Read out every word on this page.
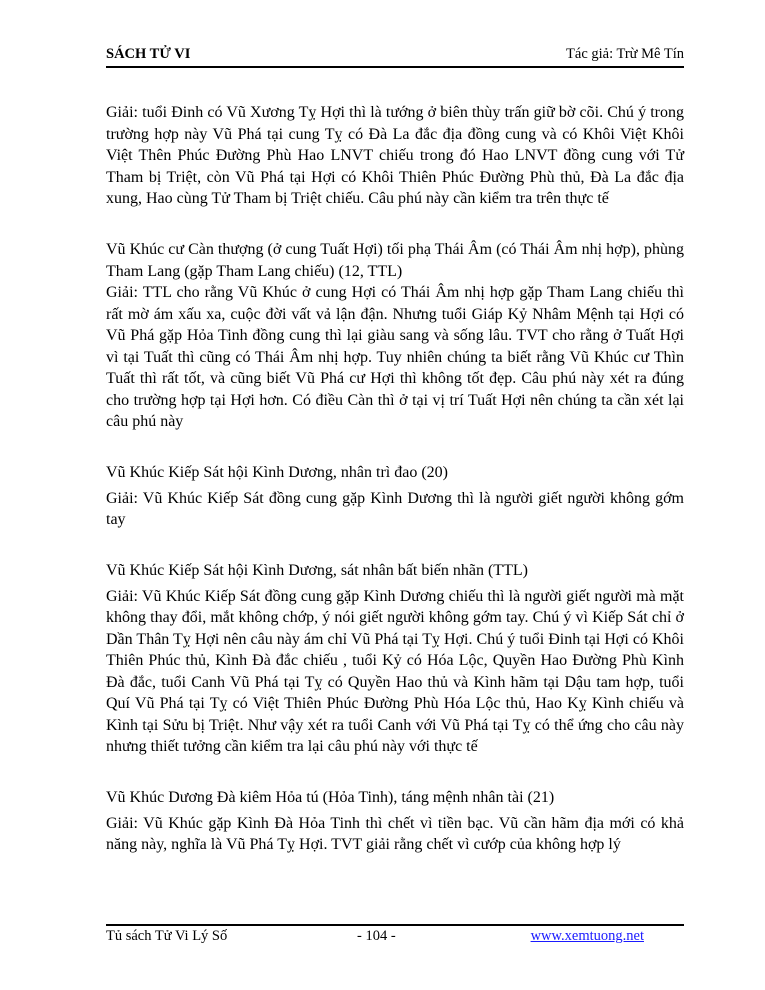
SÁCH TỬ VI	Tác giả: Trừ Mê Tín

Giải: tuổi Đinh có Vũ Xương Tỵ Hợi thì là tướng ở biên thùy trấn giữ bờ cõi. Chú ý trong trường hợp này Vũ Phá tại cung Tỵ có Đà La đắc địa đồng cung và có Khôi Việt Khôi Việt Thên Phúc Đường Phù Hao LNVT chiếu trong đó Hao LNVT đồng cung với Tử Tham bị Triệt, còn Vũ Phá tại Hợi có Khôi Thiên Phúc Đường Phù thủ, Đà La đắc địa xung, Hao cùng Tử Tham bị Triệt chiếu. Câu phú này cần kiểm tra trên thực tế

Vũ Khúc cư Càn thượng (ở cung Tuất Hợi) tối phạ Thái Âm (có Thái Âm nhị hợp), phùng Tham Lang (gặp Tham Lang chiếu) (12, TTL)

Giải: TTL cho rằng Vũ Khúc ở cung Hợi có Thái Âm nhị hợp gặp Tham Lang chiếu thì rất mờ ám xấu xa, cuộc đời vất vả lận đận. Nhưng tuổi Giáp Kỷ Nhâm Mệnh tại Hợi có Vũ Phá gặp Hỏa Tinh đồng cung thì lại giàu sang và sống lâu. TVT cho rằng ở Tuất Hợi vì tại Tuất thì cũng có Thái Âm nhị hợp. Tuy nhiên chúng ta biết rằng Vũ Khúc cư Thìn Tuất thì rất tốt, và cũng biết Vũ Phá cư Hợi thì không tốt đẹp. Câu phú này xét ra đúng cho trường hợp tại Hợi hơn. Có điều Càn thì ở tại vị trí Tuất Hợi nên chúng ta cần xét lại câu phú này

Vũ Khúc Kiếp Sát hội Kình Dương, nhân trì đao (20)

Giải: Vũ Khúc Kiếp Sát đồng cung gặp Kình Dương thì là người giết người không gớm tay

Vũ Khúc Kiếp Sát hội Kình Dương, sát nhân bất biến nhãn (TTL)

Giải: Vũ Khúc Kiếp Sát đồng cung gặp Kình Dương chiếu thì là người giết người mà mặt không thay đổi, mắt không chớp, ý nói giết người không gớm tay. Chú ý vì Kiếp Sát chỉ ở Dần Thân Tỵ Hợi nên câu này ám chỉ Vũ Phá tại Tỵ Hợi. Chú ý tuổi Đinh tại Hợi có Khôi Thiên Phúc thủ, Kình Đà đắc chiếu , tuổi Kỷ có Hóa Lộc, Quyền Hao Đường Phù Kình Đà đắc, tuổi Canh Vũ Phá tại Tỵ có Quyền Hao thủ và Kình hãm tại Dậu tam hợp, tuổi Quí Vũ Phá tại Tỵ có Việt Thiên Phúc Đường Phù Hóa Lộc thủ, Hao Kỵ Kình chiếu và Kình tại Sửu bị Triệt. Như vậy xét ra tuổi Canh với Vũ Phá tại Tỵ có thể ứng cho câu này nhưng thiết tưởng cần kiểm tra lại câu phú này với thực tế

Vũ Khúc Dương Đà kiêm Hỏa tú (Hỏa Tinh), táng mệnh nhân tài (21)

Giải: Vũ Khúc gặp Kình Đà Hỏa Tinh thì chết vì tiền bạc. Vũ cần hãm địa mới có khả năng này, nghĩa là Vũ Phá Tỵ Hợi. TVT giải rằng chết vì cướp của không hợp lý

Tủ sách Tử Vi Lý Số	- 104 -	www.xemtuong.net
